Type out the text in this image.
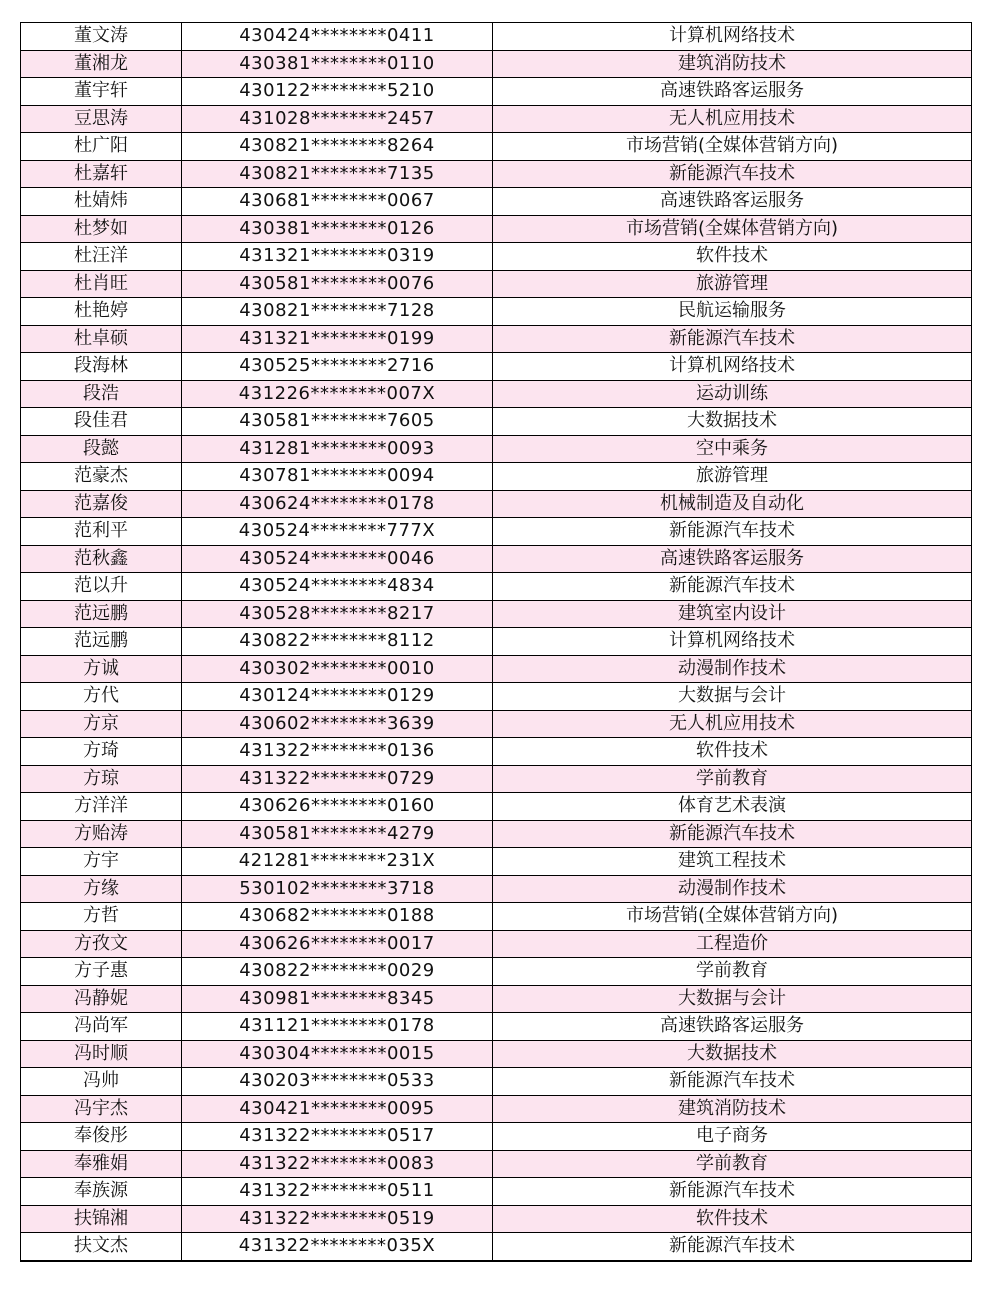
董文涛	430424********0411	计算机网络技术
董湘龙	430381********0110	建筑消防技术
董宇轩	430122********5210	高速铁路客运服务
豆思涛	431028********2457	无人机应用技术
杜广阳	430821********8264	市场营销(全媒体营销方向)
杜嘉轩	430821********7135	新能源汽车技术
杜婧炜	430681********0067	高速铁路客运服务
杜梦如	430381********0126	市场营销(全媒体营销方向)
杜汪洋	431321********0319	软件技术
杜肖旺	430581********0076	旅游管理
杜艳婷	430821********7128	民航运输服务
杜卓硕	431321********0199	新能源汽车技术
段海林	430525********2716	计算机网络技术
段浩	431226********007X	运动训练
段佳君	430581********7605	大数据技术
段懿	431281********0093	空中乘务
范豪杰	430781********0094	旅游管理
范嘉俊	430624********0178	机械制造及自动化
范利平	430524********777X	新能源汽车技术
范秋鑫	430524********0046	高速铁路客运服务
范以升	430524********4834	新能源汽车技术
范远鹏	430528********8217	建筑室内设计
范远鹏	430822********8112	计算机网络技术
方诚	430302********0010	动漫制作技术
方代	430124********0129	大数据与会计
方京	430602********3639	无人机应用技术
方琦	431322********0136	软件技术
方琼	431322********0729	学前教育
方洋洋	430626********0160	体育艺术表演
方贻涛	430581********4279	新能源汽车技术
方宇	421281********231X	建筑工程技术
方缘	530102********3718	动漫制作技术
方哲	430682********0188	市场营销(全媒体营销方向)
方孜文	430626********0017	工程造价
方子惠	430822********0029	学前教育
冯静妮	430981********8345	大数据与会计
冯尚军	431121********0178	高速铁路客运服务
冯时顺	430304********0015	大数据技术
冯帅	430203********0533	新能源汽车技术
冯宇杰	430421********0095	建筑消防技术
奉俊彤	431322********0517	电子商务
奉雅娟	431322********0083	学前教育
奉族源	431322********0511	新能源汽车技术
扶锦湘	431322********0519	软件技术
扶文杰	431322********035X	新能源汽车技术
